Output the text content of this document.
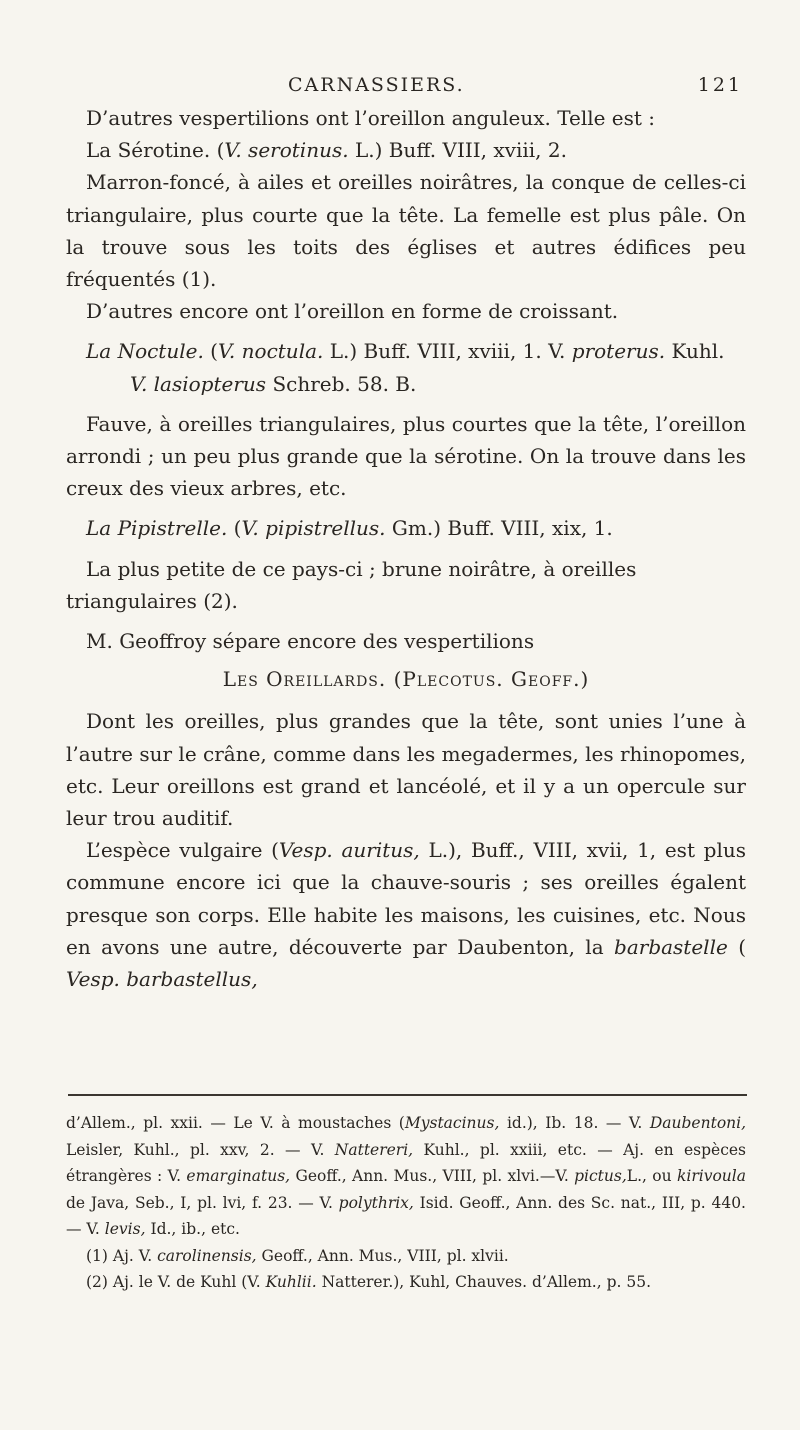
CARNASSIERS.	121

D’autres vespertilions ont l’oreillon anguleux. Telle est :

La Sérotine. (V. serotinus. L.) Buff. VIII, xviii, 2.

Marron-foncé, à ailes et oreilles noirâtres, la conque de celles-ci triangulaire, plus courte que la tête. La femelle est plus pâle. On la trouve sous les toits des églises et autres édifices peu fréquentés (1).

D’autres encore ont l’oreillon en forme de croissant.

La Noctule. (V. noctula. L.) Buff. VIII, xviii, 1. V. proterus. Kuhl. V. lasiopterus Schreb. 58. B.

Fauve, à oreilles triangulaires, plus courtes que la tête, l’oreillon arrondi ; un peu plus grande que la sérotine. On la trouve dans les creux des vieux arbres, etc.

La Pipistrelle. (V. pipistrellus. Gm.) Buff. VIII, xix, 1.

La plus petite de ce pays-ci ; brune noirâtre, à oreilles triangulaires (2).

M. Geoffroy sépare encore des vespertilions

Les Oreillards. (Plecotus. Geoff.)

Dont les oreilles, plus grandes que la tête, sont unies l’une à l’autre sur le crâne, comme dans les megadermes, les rhinopomes, etc. Leur oreillons est grand et lancéolé, et il y a un opercule sur leur trou auditif.

L’espèce vulgaire (Vesp. auritus, L.), Buff., VIII, xvii, 1, est plus commune encore ici que la chauve-souris ; ses oreilles égalent presque son corps. Elle habite les maisons, les cuisines, etc. Nous en avons une autre, découverte par Daubenton, la barbastelle ( Vesp. barbastellus,

d’Allem., pl. xxii. — Le V. à moustaches (Mystacinus, id.), Ib. 18. — V. Daubentoni, Leisler, Kuhl., pl. xxv, 2. — V. Nattereri, Kuhl., pl. xxiii, etc. — Aj. en espèces étrangères : V. emarginatus, Geoff., Ann. Mus., VIII, pl. xlvi.—V. pictus,L., ou kirivoula de Java, Seb., I, pl. lvi, f. 23. — V. polythrix, Isid. Geoff., Ann. des Sc. nat., III, p. 440. — V. levis, Id., ib., etc.

(1) Aj. V. carolinensis, Geoff., Ann. Mus., VIII, pl. xlvii.

(2) Aj. le V. de Kuhl (V. Kuhlii. Natterer.), Kuhl, Chauves. d’Allem., p. 55.
